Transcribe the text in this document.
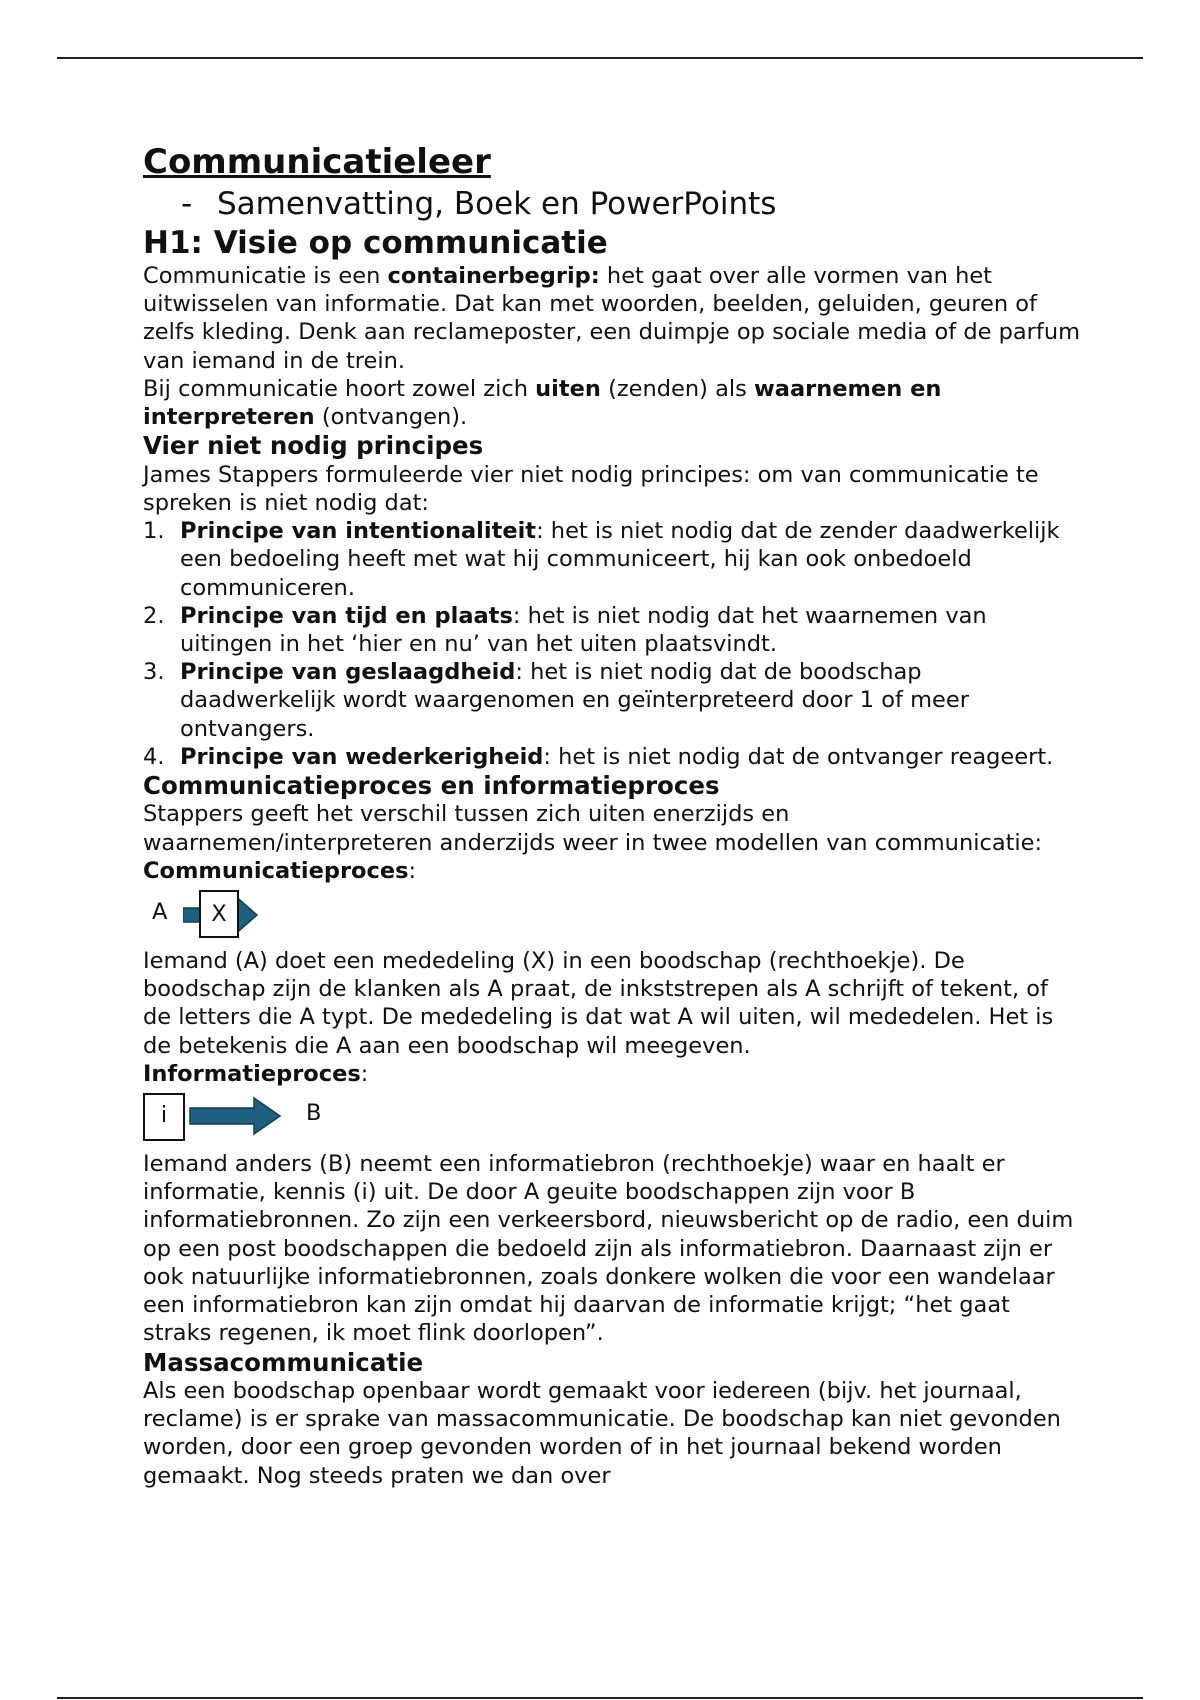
Communicatieleer
- Samenvatting, Boek en PowerPoints
H1: Visie op communicatie

Communicatie is een containerbegrip: het gaat over alle vormen van het uitwisselen van informatie. Dat kan met woorden, beelden, geluiden, geuren of zelfs kleding. Denk aan reclameposter, een duimpje op sociale media of de parfum van iemand in de trein.

Bij communicatie hoort zowel zich uiten (zenden) als waarnemen en interpreteren (ontvangen).

Vier niet nodig principes

James Stappers formuleerde vier niet nodig principes: om van communicatie te spreken is niet nodig dat:

1. Principe van intentionaliteit: het is niet nodig dat de zender daadwerkelijk een bedoeling heeft met wat hij communiceert, hij kan ook onbedoeld communiceren.
2. Principe van tijd en plaats: het is niet nodig dat het waarnemen van uitingen in het ‘hier en nu’ van het uiten plaatsvindt.
3. Principe van geslaagdheid: het is niet nodig dat de boodschap daadwerkelijk wordt waargenomen en geïnterpreteerd door 1 of meer ontvangers.
4. Principe van wederkerigheid: het is niet nodig dat de ontvanger reageert.
Communicatieproces en informatieproces

Stappers geeft het verschil tussen zich uiten enerzijds en waarnemen/interpreteren anderzijds weer in twee modellen van communicatie:

Communicatieproces:

A	X

Iemand (A) doet een mededeling (X) in een boodschap (rechthoekje). De boodschap zijn de klanken als A praat, de inkststrepen als A schrijft of tekent, of de letters die A typt. De mededeling is dat wat A wil uiten, wil mededelen. Het is de betekenis die A aan een boodschap wil meegeven.

Informatieproces:

i	B

Iemand anders (B) neemt een informatiebron (rechthoekje) waar en haalt er informatie, kennis (i) uit. De door A geuite boodschappen zijn voor B informatiebronnen. Zo zijn een verkeersbord, nieuwsbericht op de radio, een duim op een post boodschappen die bedoeld zijn als informatiebron. Daarnaast zijn er ook natuurlijke informatiebronnen, zoals donkere wolken die voor een wandelaar een informatiebron kan zijn omdat hij daarvan de informatie krijgt; “het gaat straks regenen, ik moet flink doorlopen”.

Massacommunicatie

Als een boodschap openbaar wordt gemaakt voor iedereen (bijv. het journaal, reclame) is er sprake van massacommunicatie. De boodschap kan niet gevonden worden, door een groep gevonden worden of in het journaal bekend worden gemaakt. Nog steeds praten we dan over
